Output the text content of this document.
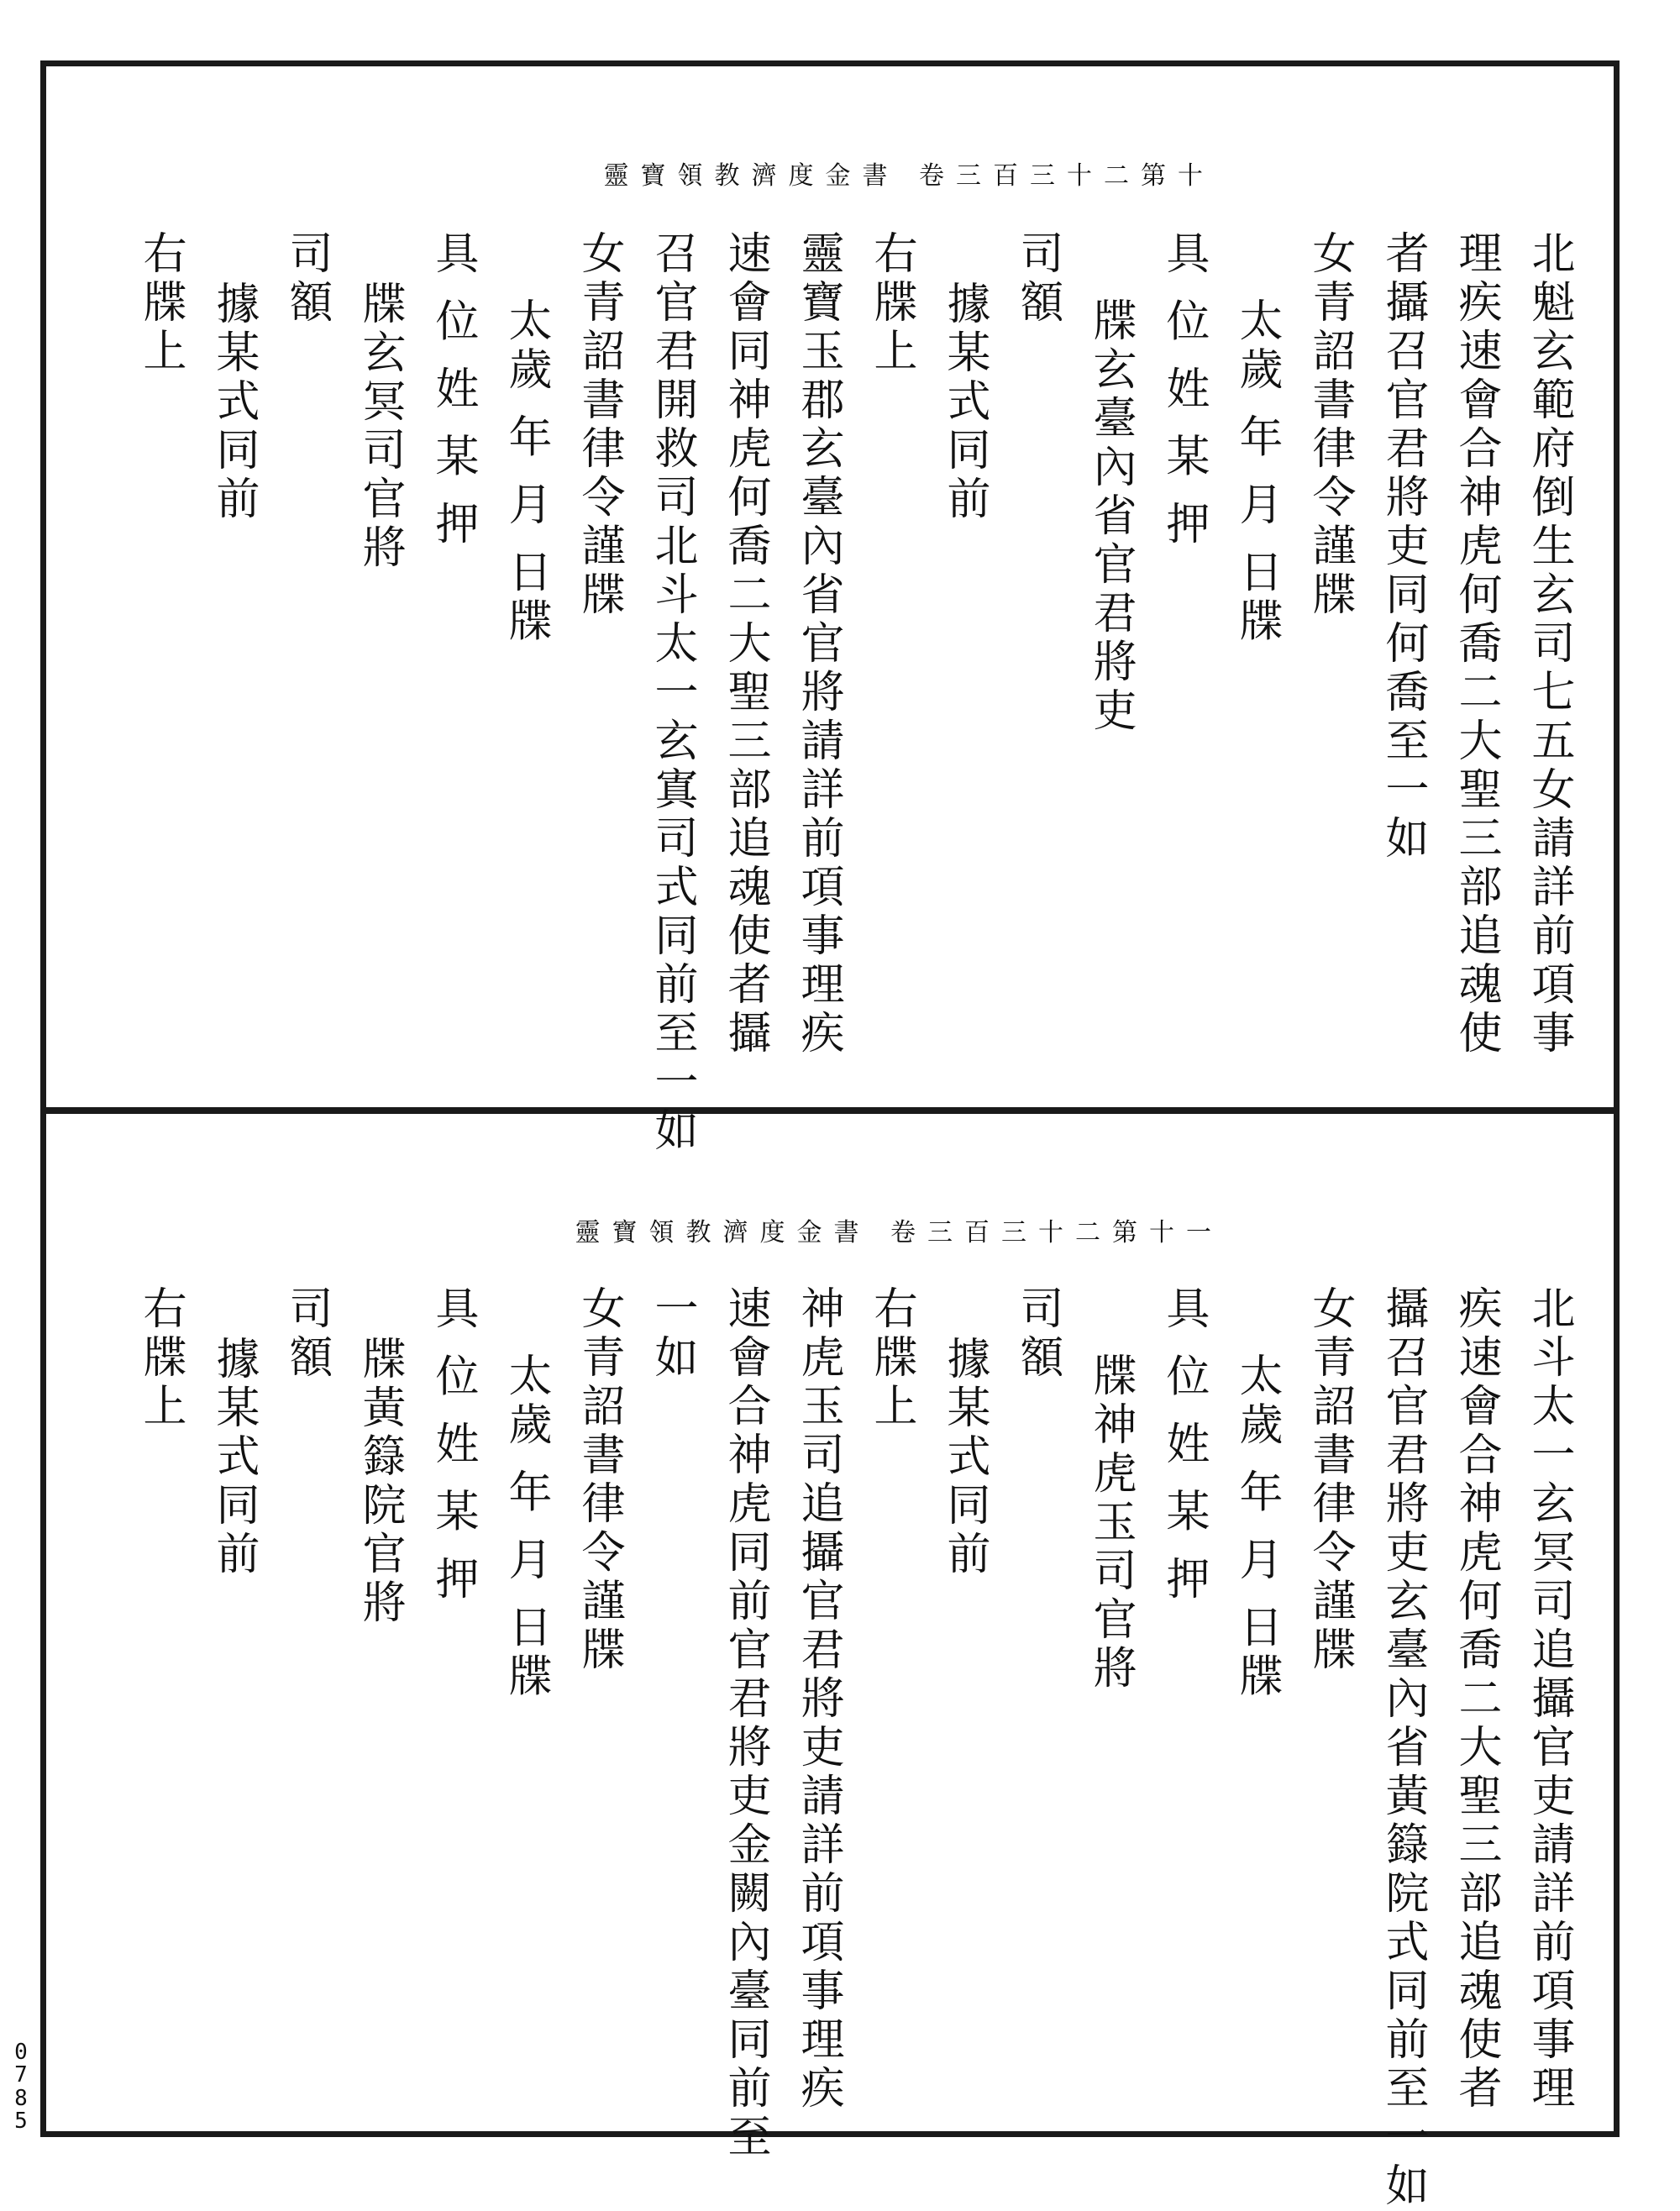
靈寶領教濟度金書 卷三百三十二第十
北魁玄範府倒生玄司七五女請詳前項事
理疾速會合神虎何喬二大聖三部追魂使
者攝召官君將吏同何喬至一如
女青詔書律令謹牒
太歲 年 月 日牒
具 位 姓 某 押
牒玄臺內省官君將吏
司額
據某式同前
右牒上
靈寶玉郡玄臺內省官將請詳前項事理疾
速會同神虎何喬二大聖三部追魂使者攝
召官君開救司北斗太一玄寘司式同前至一如
女青詔書律令謹牒
太歲 年 月 日牒
具 位 姓 某 押
牒玄冥司官將
司額
據某式同前
右牒上
靈寶領教濟度金書 卷三百三十二第十一
北斗太一玄冥司追攝官吏請詳前項事理
疾速會合神虎何喬二大聖三部追魂使者
攝召官君將吏玄臺內省黃籙院式同前至一如
女青詔書律令謹牒
太歲 年 月 日牒
具 位 姓 某 押
牒神虎玉司官將
司額
據某式同前
右牒上
神虎玉司追攝官君將吏請詳前項事理疾
速會合神虎同前官君將吏金闕內臺同前至
一如
女青詔書律令謹牒
太歲 年 月 日牒
具 位 姓 某 押
牒黃籙院官將
司額
據某式同前
右牒上
0
7
8
5
